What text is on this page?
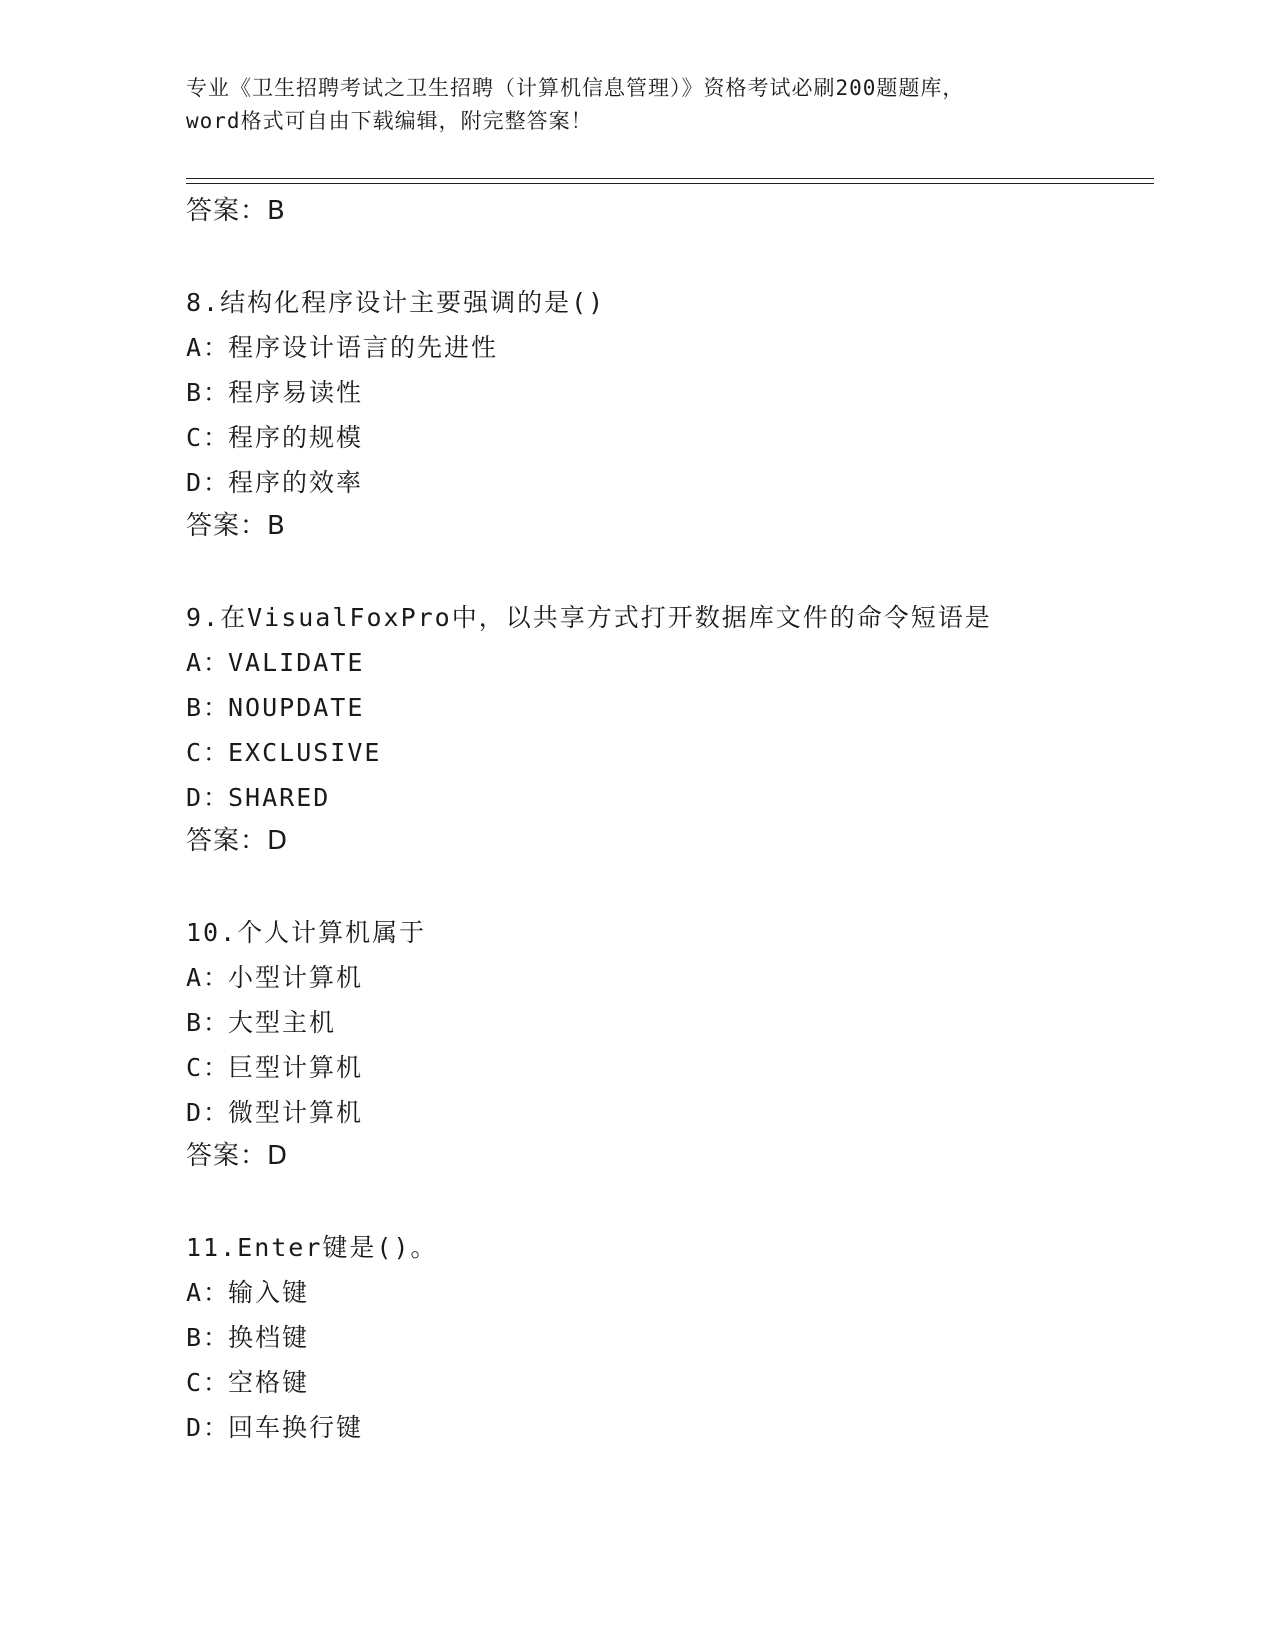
专业《卫生招聘考试之卫生招聘（计算机信息管理）》资格考试必刷200题题库，
word格式可自由下载编辑，附完整答案！
答案：B
8.结构化程序设计主要强调的是()
A：程序设计语言的先进性
B：程序易读性
C：程序的规模
D：程序的效率
答案：B
9.在VisualFoxPro中，以共享方式打开数据库文件的命令短语是
A：VALIDATE
B：NOUPDATE
C：EXCLUSIVE
D：SHARED
答案：D
10.个人计算机属于
A：小型计算机
B：大型主机
C：巨型计算机
D：微型计算机
答案：D
11.Enter键是()。
A：输入键
B：换档键
C：空格键
D：回车换行键
